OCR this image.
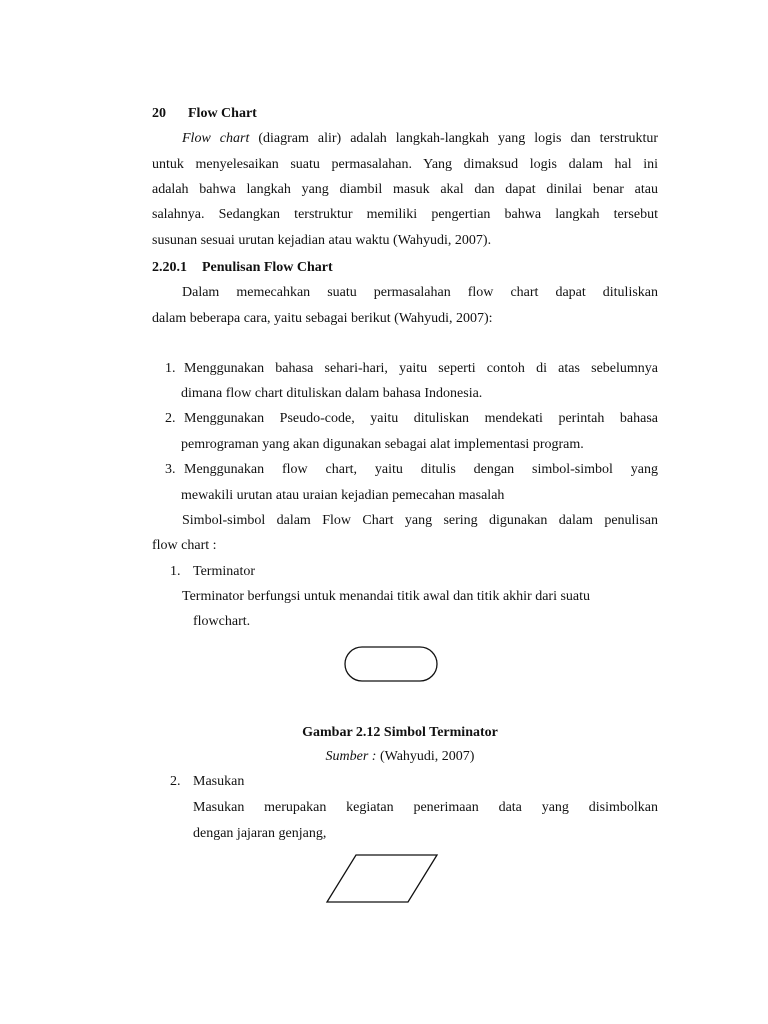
20 Flow Chart
Flow chart (diagram alir) adalah langkah-langkah yang logis dan terstruktur
untuk menyelesaikan suatu permasalahan. Yang dimaksud logis dalam hal ini
adalah bahwa langkah yang diambil masuk akal dan dapat dinilai benar atau
salahnya. Sedangkan terstruktur memiliki pengertian bahwa langkah tersebut
susunan sesuai urutan kejadian atau waktu (Wahyudi, 2007).
2.20.1 Penulisan Flow Chart
Dalam memecahkan suatu permasalahan flow chart dapat dituliskan
dalam beberapa cara, yaitu sebagai berikut (Wahyudi, 2007):
1. Menggunakan bahasa sehari-hari, yaitu seperti contoh di atas sebelumnya
dimana flow chart dituliskan dalam bahasa Indonesia.
2. Menggunakan Pseudo-code, yaitu dituliskan mendekati perintah bahasa
pemrograman yang akan digunakan sebagai alat implementasi program.
3. Menggunakan flow chart, yaitu ditulis dengan simbol-simbol yang
mewakili urutan atau uraian kejadian pemecahan masalah
Simbol-simbol dalam Flow Chart yang sering digunakan dalam penulisan
flow chart :
1. Terminator
Terminator berfungsi untuk menandai titik awal dan titik akhir dari suatu
flowchart.
Gambar 2.12 Simbol Terminator
Sumber : (Wahyudi, 2007)
2. Masukan
Masukan merupakan kegiatan penerimaan data yang disimbolkan
dengan jajaran genjang,
